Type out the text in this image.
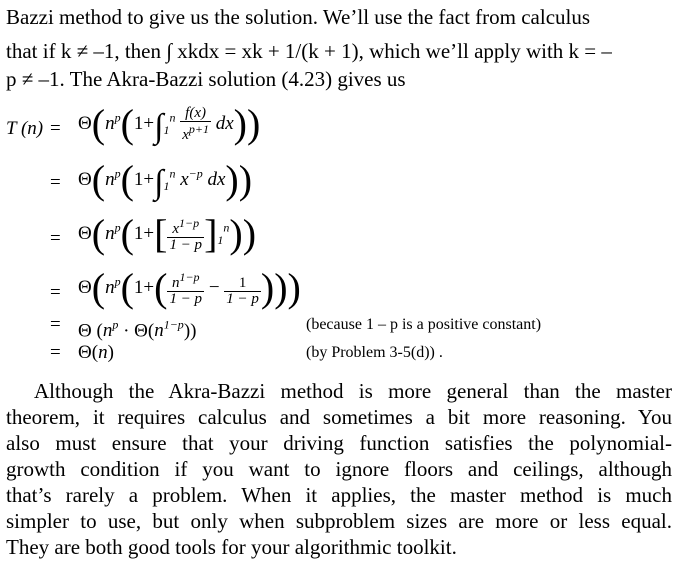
Bazzi method to give us the solution. We’ll use the fact from calculus
that if k ≠ –1, then ∫ xkdx = xk + 1/(k + 1), which we’ll apply with k = –
p ≠ –1. The Akra-Bazzi solution (4.23) gives us
T $(n) = \Theta(n^p(1+\int_1^n \frac{f(x)}{x^{p+1}} dx))$
= $\Theta(n^p(1+\int_1^n$ $x^{-p}$ dx))
= $\Theta(n^p(1+[ \frac{x^{1-p}}{1 - p} ]_1^n))$
= $\Theta(n^p(1+( \frac{n^{1-p}}{1 - p} - \frac{1}{1 - p}$ )))
= Θ $(n^p \cdot \Theta(n^{1-p}))$	(because 1 – p is a positive constant)
= Θ(n)	(by Problem 3-5(d)) .
Although the Akra-Bazzi method is more general than the master
theorem, it requires calculus and sometimes a bit more reasoning. You
also must ensure that your driving function satisfies the polynomial-
growth condition if you want to ignore floors and ceilings, although
that’s rarely a problem. When it applies, the master method is much
simpler to use, but only when subproblem sizes are more or less equal.
They are both good tools for your algorithmic toolkit.
